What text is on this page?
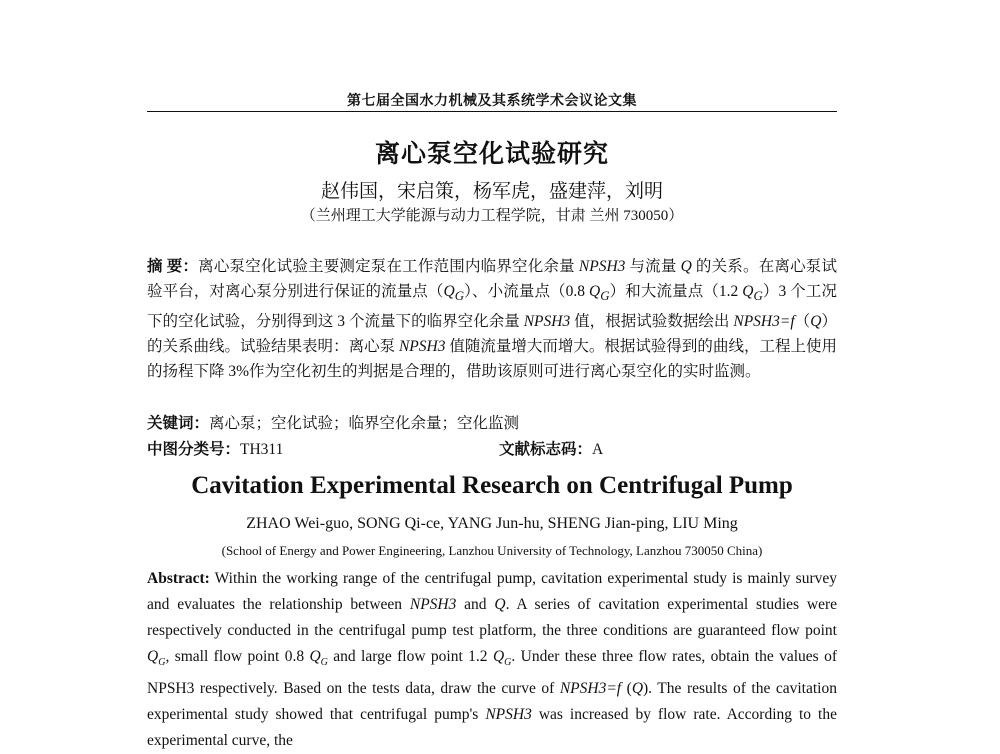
第七届全国水力机械及其系统学术会议论文集
离心泵空化试验研究
赵伟国，宋启策，杨军虎，盛建萍，刘明
（兰州理工大学能源与动力工程学院，甘肃 兰州 730050）
摘 要：离心泵空化试验主要测定泵在工作范围内临界空化余量 NPSH3 与流量 Q 的关系。在离心泵试验平台，对离心泵分别进行保证的流量点$(Q_G)$、小流量点（0.8 $Q_G$）和大流量点（1.2 $Q_G)3$ 个工况下的空化试验，分别得到这 3 个流量下的临界空化余量 NPSH3 值，根据试验数据绘出 NPSH3=f（Q）的关系曲线。试验结果表明：离心泵 NPSH3 值随流量增大而增大。根据试验得到的曲线，工程上使用的扬程下降 3%作为空化初生的判据是合理的，借助该原则可进行离心泵空化的实时监测。
关键词：离心泵；空化试验；临界空化余量；空化监测
中图分类号：TH311	文献标志码：A
Cavitation Experimental Research on Centrifugal Pump
ZHAO Wei-guo, SONG Qi-ce, YANG Jun-hu, SHENG Jian-ping, LIU Ming
(School of Energy and Power Engineering, Lanzhou University of Technology, Lanzhou 730050 China)
Abstract: Within the working range of the centrifugal pump, cavitation experimental study is mainly survey and evaluates the relationship between NPSH3 and Q. A series of cavitation experimental studies were respectively conducted in the centrifugal pump test platform, the three conditions are guaranteed flow point $Q_G$, small flow point 0.8 $Q_G$ and large flow point 1.2 $Q_G$. Under these three flow rates, obtain the values of NPSH3 respectively. Based on the tests data, draw the curve of NPSH3=f (Q). The results of the cavitation experimental study showed that centrifugal pump's NPSH3 was increased by flow rate. According to the experimental curve, the
